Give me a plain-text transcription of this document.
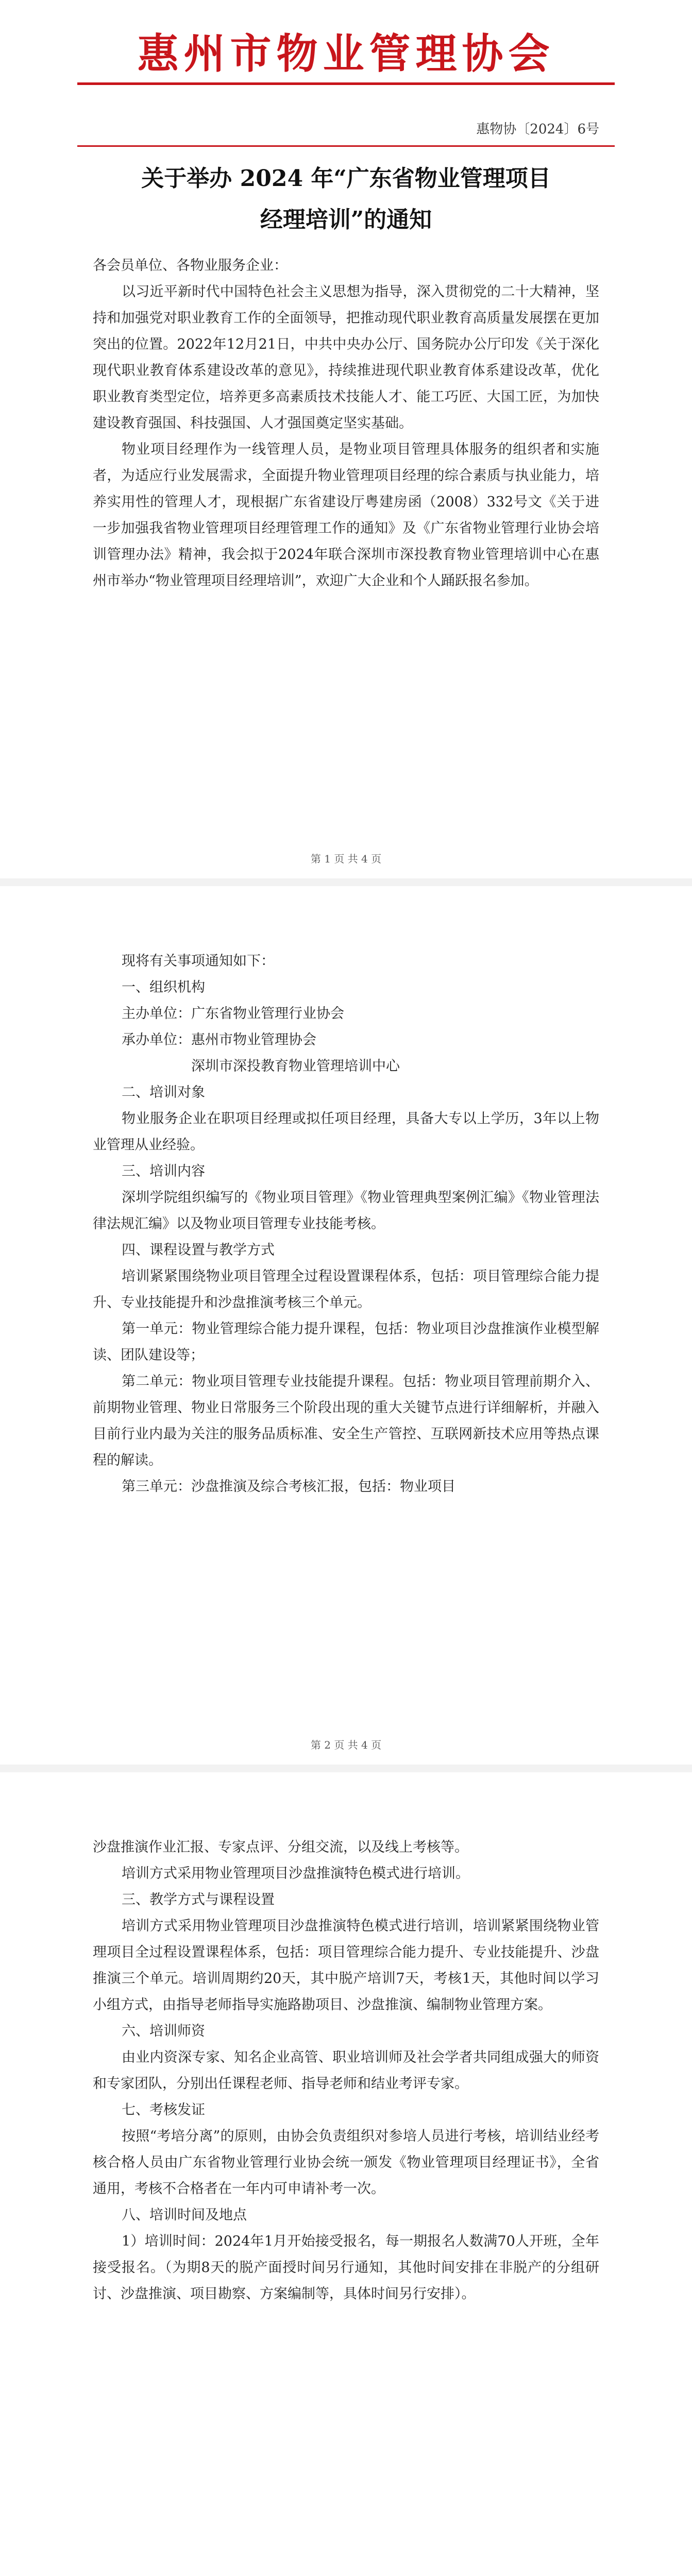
惠州市物业管理协会
惠物协〔2024〕6号
关于举办 2024 年“广东省物业管理项目
经理培训”的通知

各会员单位、各物业服务企业：

以习近平新时代中国特色社会主义思想为指导，深入贯彻党的二十大精神，坚持和加强党对职业教育工作的全面领导，把推动现代职业教育高质量发展摆在更加突出的位置。2022年12月21日，中共中央办公厅、国务院办公厅印发《关于深化现代职业教育体系建设改革的意见》，持续推进现代职业教育体系建设改革，优化职业教育类型定位，培养更多高素质技术技能人才、能工巧匠、大国工匠，为加快建设教育强国、科技强国、人才强国奠定坚实基础。

物业项目经理作为一线管理人员，是物业项目管理具体服务的组织者和实施者，为适应行业发展需求，全面提升物业管理项目经理的综合素质与执业能力，培养实用性的管理人才，现根据广东省建设厅粤建房函（2008）332号文《关于进一步加强我省物业管理项目经理管理工作的通知》及《广东省物业管理行业协会培训管理办法》精神，我会拟于2024年联合深圳市深投教育物业管理培训中心在惠州市举办“物业管理项目经理培训”，欢迎广大企业和个人踊跃报名参加。

第 1 页 共 4 页

现将有关事项通知如下：

一、组织机构

主办单位：广东省物业管理行业协会

承办单位：惠州市物业管理协会

深圳市深投教育物业管理培训中心

二、培训对象

物业服务企业在职项目经理或拟任项目经理，具备大专以上学历，3年以上物业管理从业经验。

三、培训内容

深圳学院组织编写的《物业项目管理》《物业管理典型案例汇编》《物业管理法律法规汇编》以及物业项目管理专业技能考核。

四、课程设置与教学方式

培训紧紧围绕物业项目管理全过程设置课程体系，包括：项目管理综合能力提升、专业技能提升和沙盘推演考核三个单元。

第一单元：物业管理综合能力提升课程，包括：物业项目沙盘推演作业模型解读、团队建设等；

第二单元：物业项目管理专业技能提升课程。包括：物业项目管理前期介入、前期物业管理、物业日常服务三个阶段出现的重大关键节点进行详细解析，并融入目前行业内最为关注的服务品质标准、安全生产管控、互联网新技术应用等热点课程的解读。

第三单元：沙盘推演及综合考核汇报，包括：物业项目

第 2 页 共 4 页

沙盘推演作业汇报、专家点评、分组交流，以及线上考核等。

培训方式采用物业管理项目沙盘推演特色模式进行培训。

三、教学方式与课程设置

培训方式采用物业管理项目沙盘推演特色模式进行培训，培训紧紧围绕物业管理项目全过程设置课程体系，包括：项目管理综合能力提升、专业技能提升、沙盘推演三个单元。培训周期约20天，其中脱产培训7天，考核1天，其他时间以学习小组方式，由指导老师指导实施路勘项目、沙盘推演、编制物业管理方案。

六、培训师资

由业内资深专家、知名企业高管、职业培训师及社会学者共同组成强大的师资和专家团队，分别出任课程老师、指导老师和结业考评专家。

七、考核发证

按照“考培分离”的原则，由协会负责组织对参培人员进行考核，培训结业经考核合格人员由广东省物业管理行业协会统一颁发《物业管理项目经理证书》，全省通用，考核不合格者在一年内可申请补考一次。

八、培训时间及地点

1）培训时间：2024年1月开始接受报名，每一期报名人数满70人开班，全年接受报名。（为期8天的脱产面授时间另行通知，其他时间安排在非脱产的分组研讨、沙盘推演、项目勘察、方案编制等，具体时间另行安排）。
